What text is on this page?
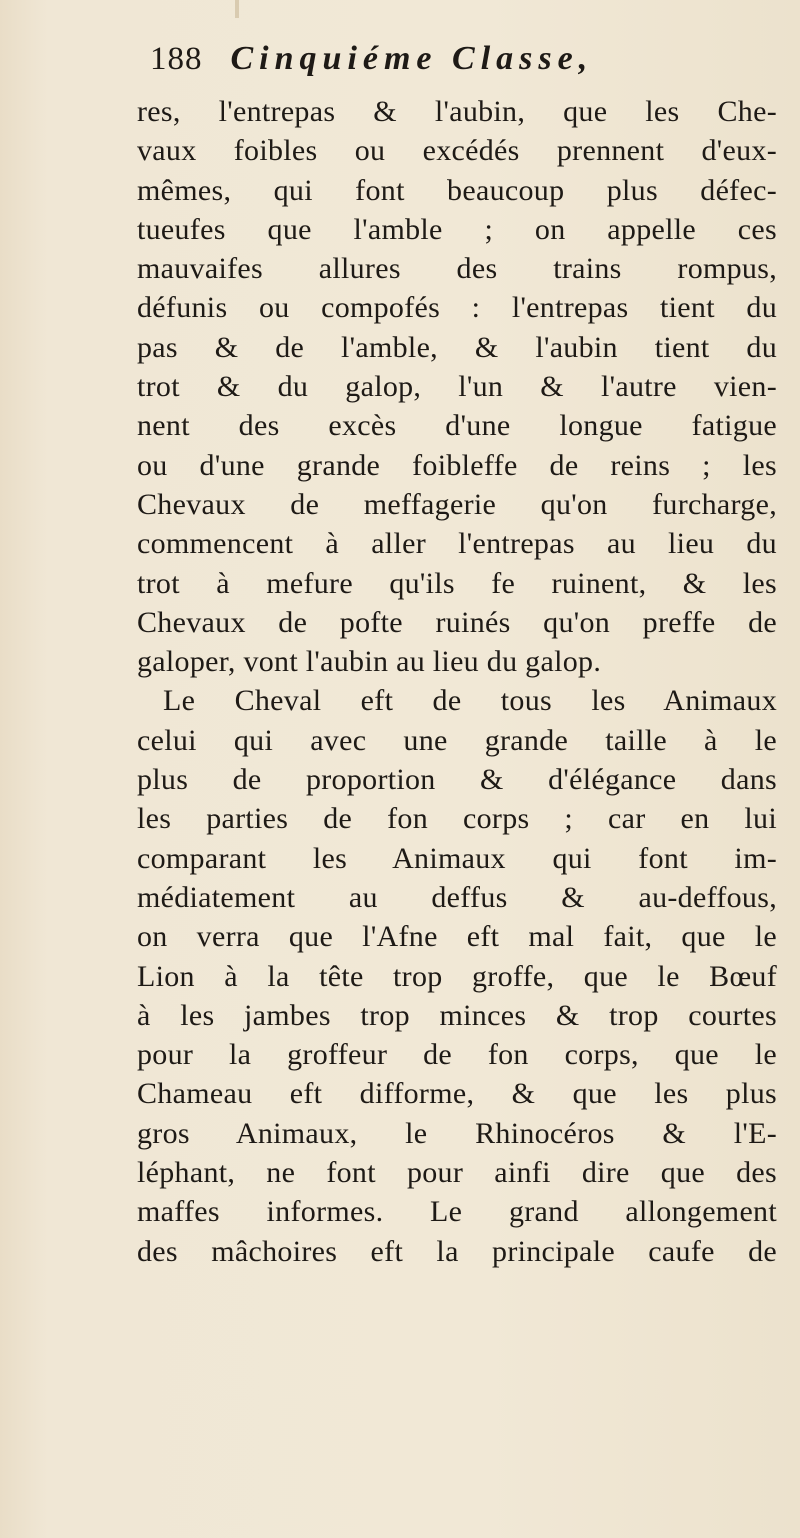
188 Cinquiéme Classe,
res, l'entrepas & l'aubin, que les Che-
vaux foibles ou excédés prennent d'eux-
mêmes, qui font beaucoup plus défec-
tueufes que l'amble ; on appelle ces
mauvaifes allures des trains rompus,
défunis ou compofés : l'entrepas tient du
pas & de l'amble, & l'aubin tient du
trot & du galop, l'un & l'autre vien-
nent des excès d'une longue fatigue
ou d'une grande foibleffe de reins ; les
Chevaux de meffagerie qu'on furcharge,
commencent à aller l'entrepas au lieu du
trot à mefure qu'ils fe ruinent, & les
Chevaux de pofte ruinés qu'on preffe de
galoper, vont l'aubin au lieu du galop.
Le Cheval eft de tous les Animaux
celui qui avec une grande taille à le
plus de proportion & d'élégance dans
les parties de fon corps ; car en lui
comparant les Animaux qui font im-
médiatement au deffus & au-deffous,
on verra que l'Afne eft mal fait, que le
Lion à la tête trop groffe, que le Bœuf
à les jambes trop minces & trop courtes
pour la groffeur de fon corps, que le
Chameau eft difforme, & que les plus
gros Animaux, le Rhinocéros & l'E-
léphant, ne font pour ainfi dire que des
maffes informes. Le grand allongement
des mâchoires eft la principale caufe de
